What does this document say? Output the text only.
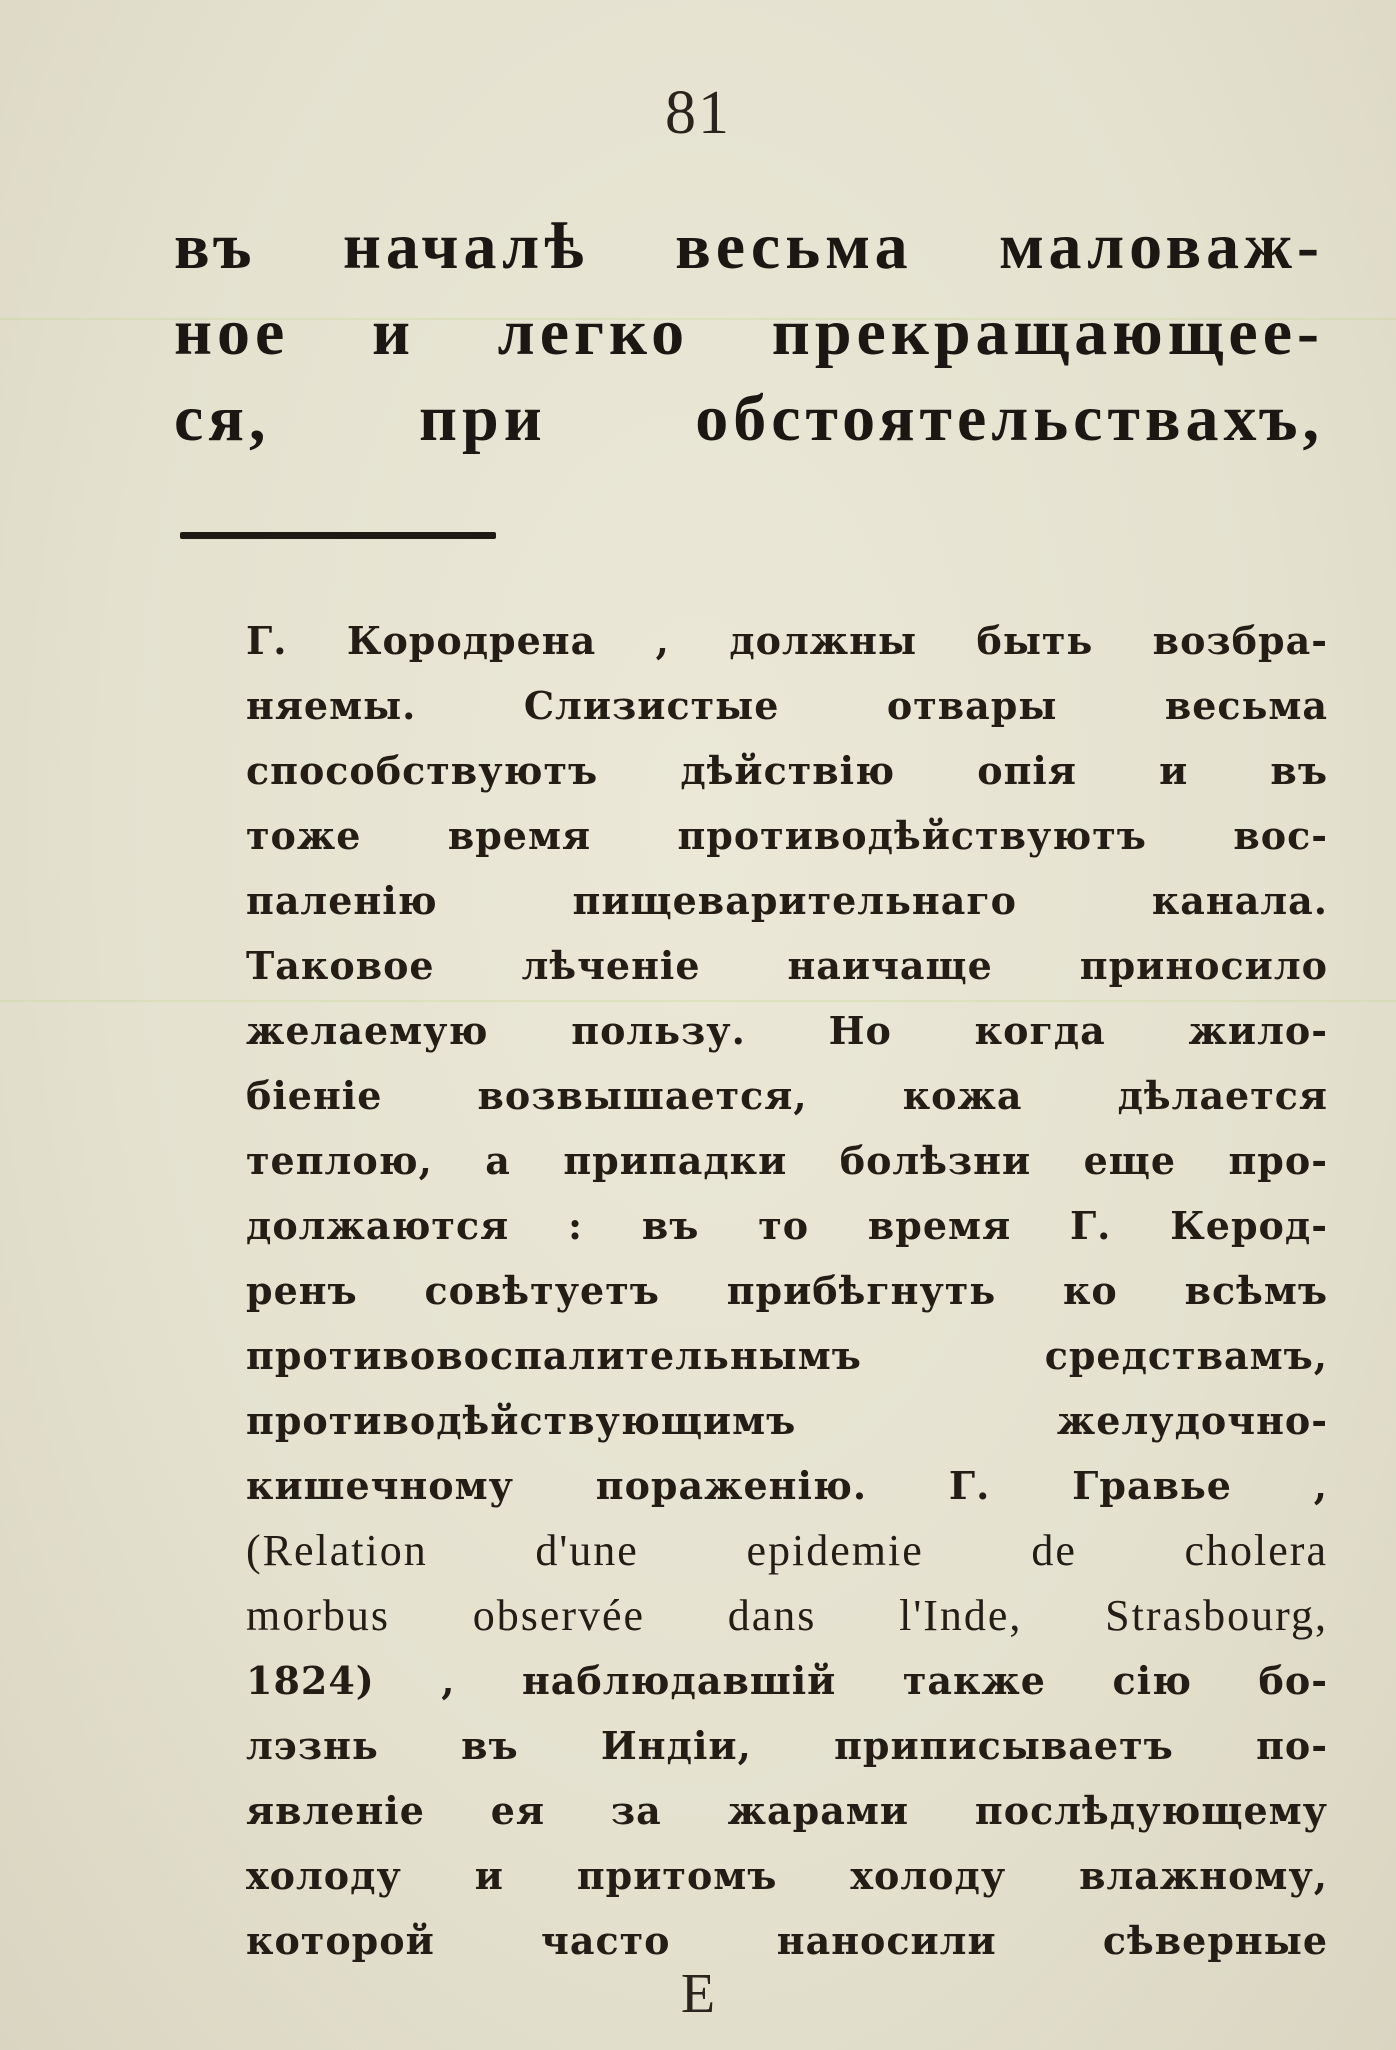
81
въ началѣ весьма маловаж-
ное и легко прекращающее-
ся, при обстоятельствахъ,
Г. Кородрена , должны быть возбра-
няемы. Слизистые отвары весьма
способствуютъ дѣйствію опія и въ
тоже время противодѣйствуютъ вос-
паленію пищеварительнаго канала.
Таковое лѣченіе наичаще приносило
желаемую пользу. Но когда жило-
біеніе возвышается, кожа дѣлается
теплою, а припадки болѣзни еще про-
должаются : въ то время Г. Керод-
ренъ совѣтуетъ прибѣгнуть ко всѣмъ
противовоспалительнымъ средствамъ,
противодѣйствующимъ желудочно-
кишечному пораженію. Г. Гравье ,
(Relation d'une epidemie de cholera
morbus observée dans l'Inde, Strasbourg,
1824) , наблюдавшій также сію бо-
лэзнь въ Индіи, приписываетъ по-
явленіе ея за жарами послѣдующему
холоду и притомъ холоду влажному,
которой часто наносили сѣверные
E
